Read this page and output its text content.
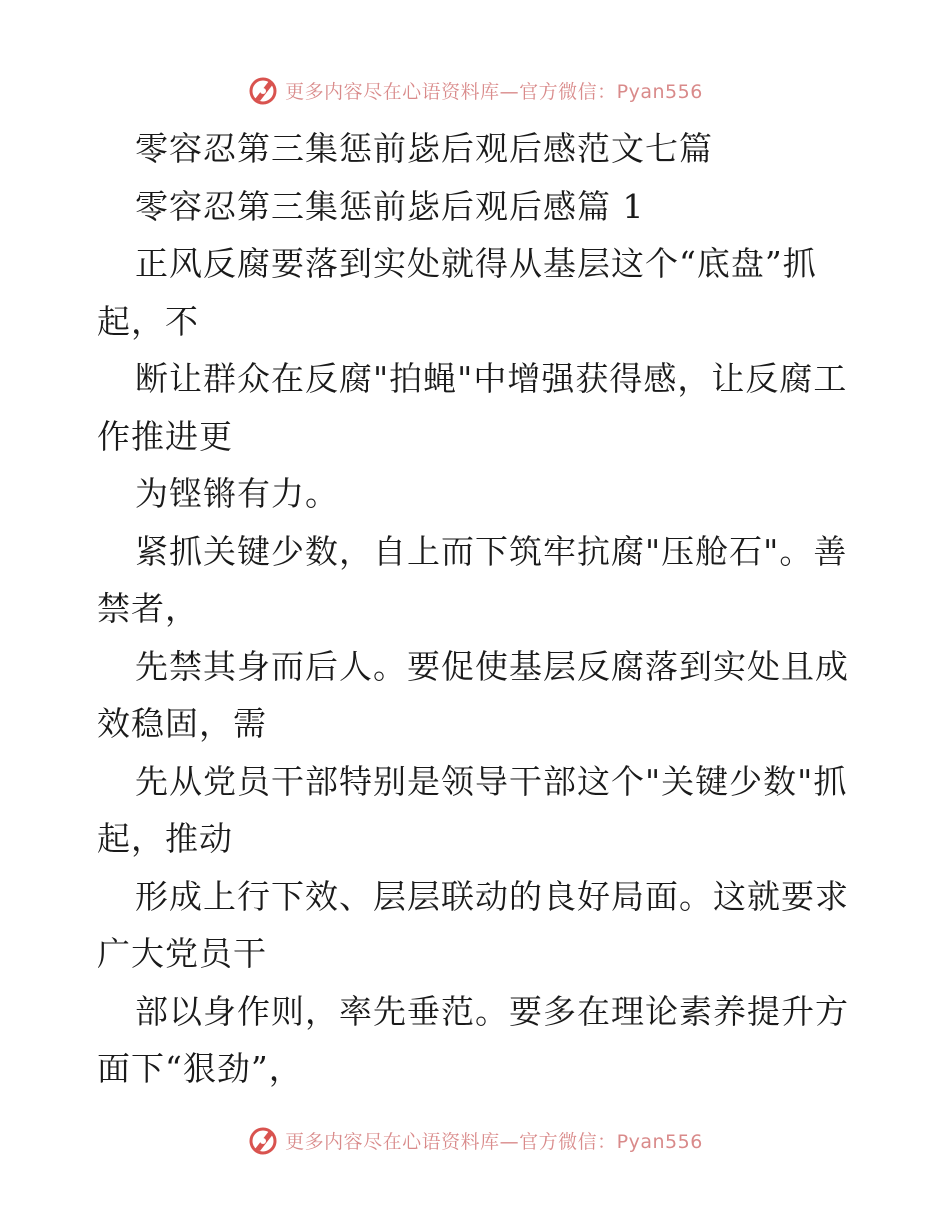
更多内容尽在心语资料库—官方微信：Pyan556
零容忍第三集惩前毖后观后感范文七篇
零容忍第三集惩前毖后观后感篇 1
正风反腐要落到实处就得从基层这个“底盘”抓
起，不
断让群众在反腐"拍蝇"中增强获得感，让反腐工
作推进更
为铿锵有力。
紧抓关键少数，自上而下筑牢抗腐"压舱石"。善
禁者，
先禁其身而后人。要促使基层反腐落到实处且成
效稳固，需
先从党员干部特别是领导干部这个"关键少数"抓
起，推动
形成上行下效、层层联动的良好局面。这就要求
广大党员干
部以身作则，率先垂范。要多在理论素养提升方
面下“狠劲”，
更多内容尽在心语资料库—官方微信：Pyan556
